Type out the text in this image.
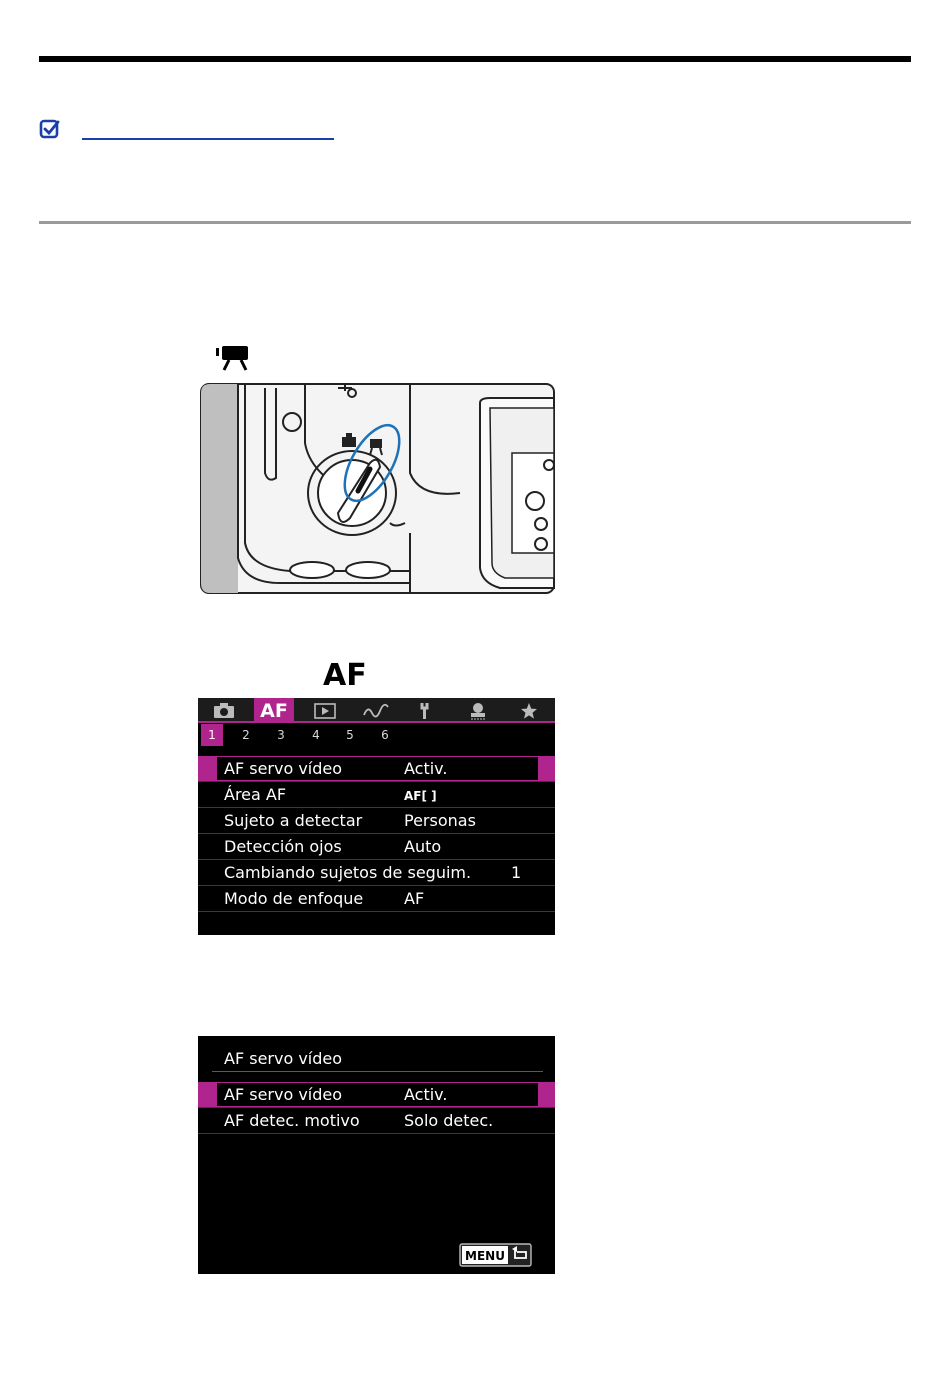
AF
AF
1	2	3	4	5	6
AF servo vídeo	Activ.
Área AF	AF[ ]
Sujeto a detectar	Personas
Detección ojos	Auto
Cambiando sujetos de seguim. 1
Modo de enfoque	AF
AF servo vídeo
AF servo vídeo	Activ.
AF detec. motivo	Solo detec.
MENU
